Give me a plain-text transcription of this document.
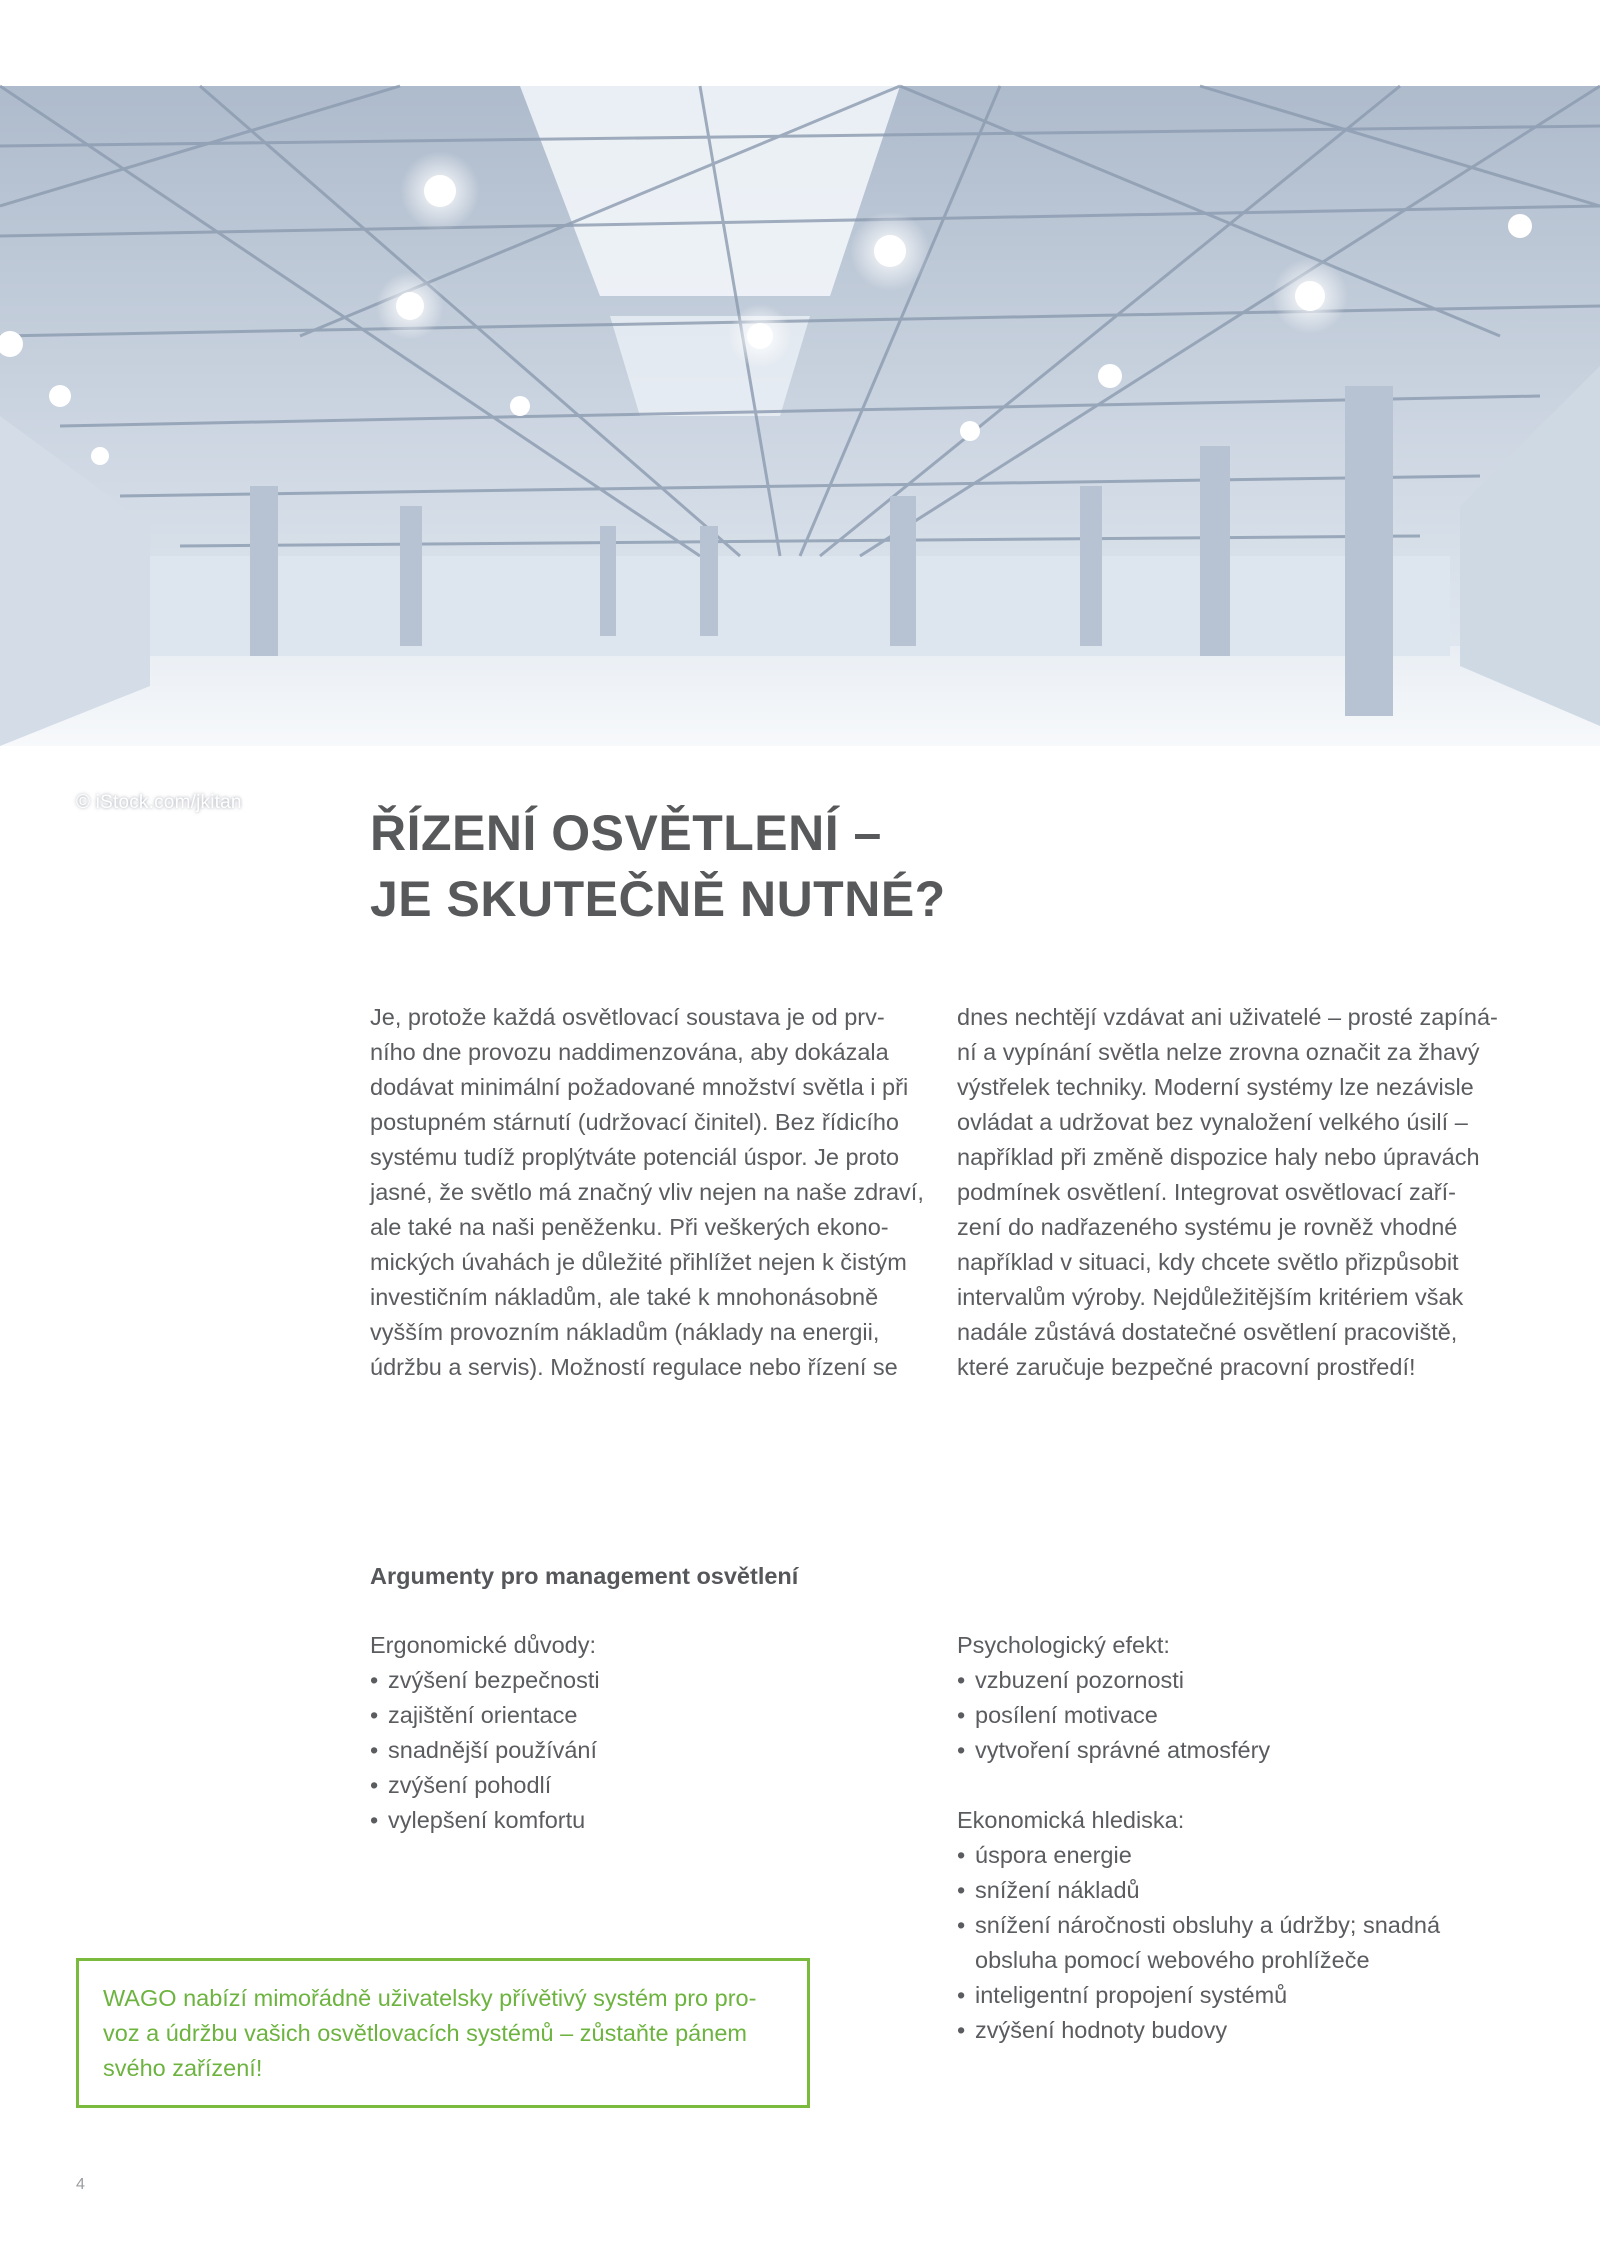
© iStock.com/jkitan
ŘÍZENÍ OSVĚTLENÍ –
JE SKUTEČNĚ NUTNÉ?

Je, protože každá osvětlovací soustava je od prv-

ního dne provozu naddimenzována, aby dokázala

dodávat minimální požadované množství světla i při

postupném stárnutí (udržovací činitel). Bez řídicího

systému tudíž proplýtváte potenciál úspor. Je proto

jasné, že světlo má značný vliv nejen na naše zdraví,

ale také na naši peněženku. Při veškerých ekono-

mických úvahách je důležité přihlížet nejen k čistým

investičním nákladům, ale také k mnohonásobně

vyšším provozním nákladům (náklady na energii,

údržbu a servis). Možností regulace nebo řízení se

dnes nechtějí vzdávat ani uživatelé – prosté zapíná-

ní a vypínání světla nelze zrovna označit za žhavý

výstřelek techniky. Moderní systémy lze nezávisle

ovládat a udržovat bez vynaložení velkého úsilí –

například při změně dispozice haly nebo úpravách

podmínek osvětlení. Integrovat osvětlovací zaří-

zení do nadřazeného systému je rovněž vhodné

například v situaci, kdy chcete světlo přizpůsobit

intervalům výroby. Nejdůležitějším kritériem však

nadále zůstává dostatečné osvětlení pracoviště,

které zaručuje bezpečné pracovní prostředí!

Argumenty pro management osvětlení
Ergonomické důvody:
• zvýšení bezpečnosti
• zajištění orientace
• snadnější používání
• zvýšení pohodlí
• vylepšení komfortu
Psychologický efekt:
• vzbuzení pozornosti
• posílení motivace
• vytvoření správné atmosféry
Ekonomická hlediska:
• úspora energie
• snížení nákladů
• snížení náročnosti obsluhy a údržby; snadná
obsluha pomocí webového prohlížeče
• inteligentní propojení systémů
• zvýšení hodnoty budovy

WAGO nabízí mimořádně uživatelsky přívětivý systém pro pro-

voz a údržbu vašich osvětlovacích systémů – zůstaňte pánem

svého zařízení!

4
